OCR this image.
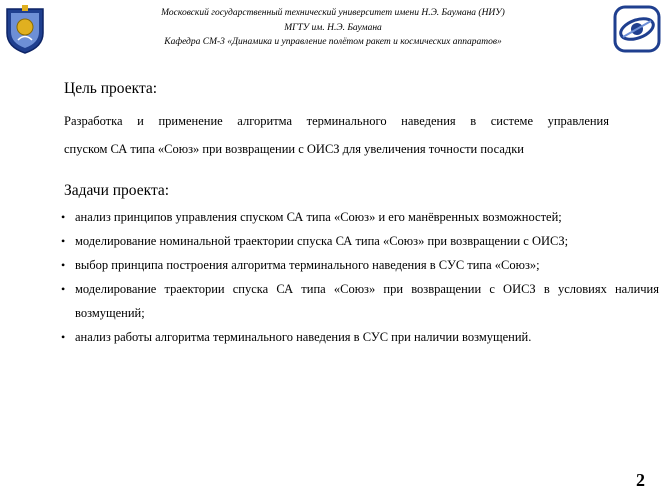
Московский государственный технический университет имени Н.Э. Баумана (НИУ)
МГТУ им. Н.Э. Баумана
Кафедра СМ-3 «Динамика и управление полётом ракет и космических аппаратов»
Цель проекта:
Разработка и применение алгоритма терминального наведения в системе управления
спуском СА типа «Союз» при возвращении с ОИСЗ для увеличения точности посадки
Задачи проекта:
• анализ принципов управления спуском СА типа «Союз» и его манёвренных возможностей;
• моделирование номинальной траектории спуска СА типа «Союз» при возвращении с ОИСЗ;
• выбор принципа построения алгоритма терминального наведения в СУС типа «Союз»;
• моделирование траектории спуска СА типа «Союз» при возвращении с ОИСЗ в условиях наличия
возмущений;
• анализ работы алгоритма терминального наведения в СУС при наличии возмущений.
2
